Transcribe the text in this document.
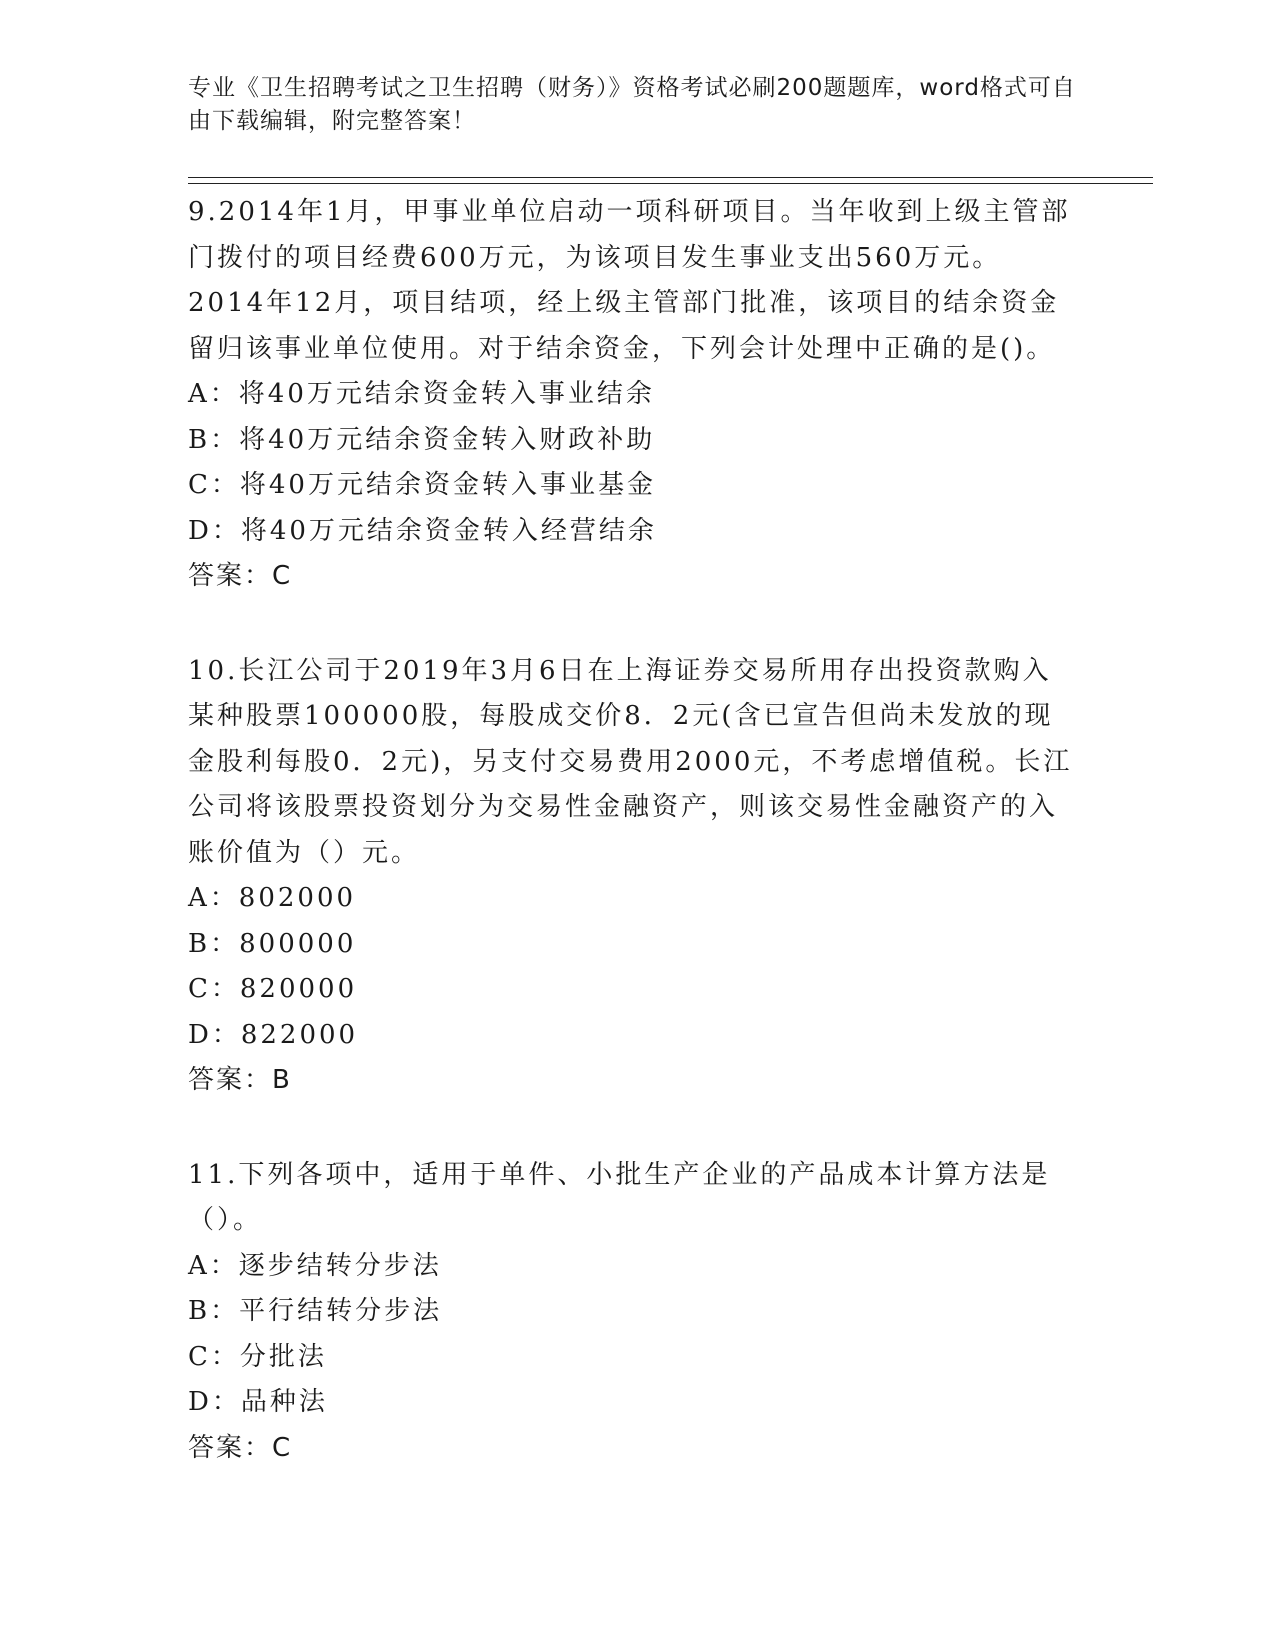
专业《卫生招聘考试之卫生招聘（财务）》资格考试必刷200题题库，word格式可自由下载编辑，附完整答案！

9.2014年1月，甲事业单位启动一项科研项目。当年收到上级主管部门拨付的项目经费600万元，为该项目发生事业支出560万元。2014年12月，项目结项，经上级主管部门批准，该项目的结余资金留归该事业单位使用。对于结余资金，下列会计处理中正确的是()。

A：将40万元结余资金转入事业结余

B：将40万元结余资金转入财政补助

C：将40万元结余资金转入事业基金

D：将40万元结余资金转入经营结余

答案：C

10.长江公司于2019年3月6日在上海证券交易所用存出投资款购入某种股票100000股，每股成交价8．2元(含已宣告但尚未发放的现金股利每股0．2元)，另支付交易费用2000元，不考虑增值税。长江公司将该股票投资划分为交易性金融资产，则该交易性金融资产的入账价值为（）元。

A：802000

B：800000

C：820000

D：822000

答案：B

11.下列各项中，适用于单件、小批生产企业的产品成本计算方法是（）。

A：逐步结转分步法

B：平行结转分步法

C：分批法

D：品种法

答案：C
